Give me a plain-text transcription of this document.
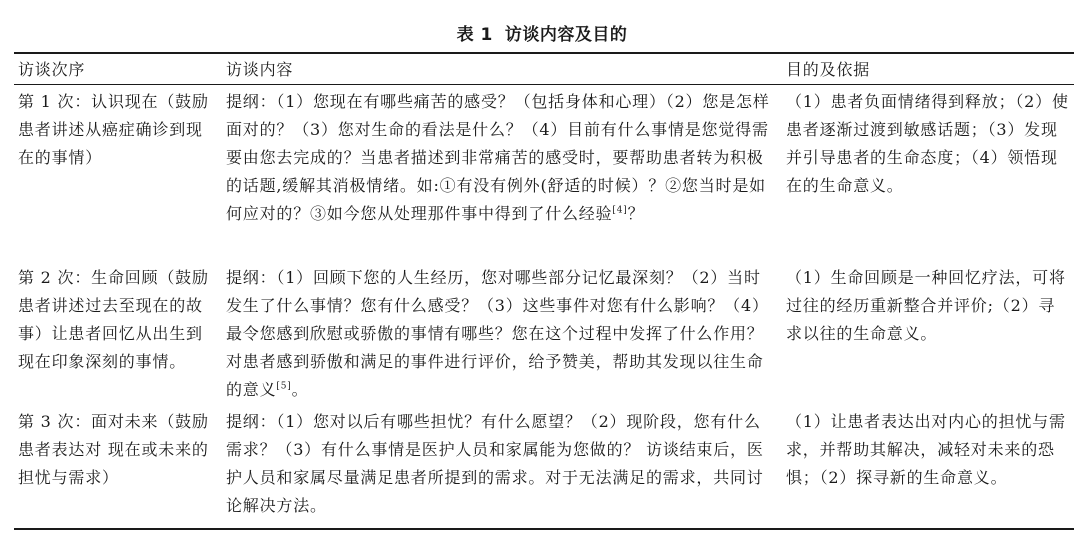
表 1 访谈内容及目的
访谈次序	访谈内容	目的及依据
第 1 次：认识现在（鼓励患者讲述从癌症确诊到现在的事情）
提纲：（1）您现在有哪些痛苦的感受？（包括身体和心理）（2）您是怎样面对的？（3）您对生命的看法是什么？（4）目前有什么事情是您觉得需要由您去完成的？当患者描述到非常痛苦的感受时，要帮助患者转为积极的话题,缓解其消极情绪。如:①有没有例外(舒适的时候）？②您当时是如何应对的？③如今您从处理那件事中得到了什么经验[4]？
（1）患者负面情绪得到释放；（2）使患者逐渐过渡到敏感话题；（3）发现并引导患者的生命态度；（4）领悟现在的生命意义。
第 2 次：生命回顾（鼓励患者讲述过去至现在的故事）让患者回忆从出生到现在印象深刻的事情。
提纲：（1）回顾下您的人生经历，您对哪些部分记忆最深刻？（2）当时发生了什么事情？您有什么感受？（3）这些事件对您有什么影响？（4）最令您感到欣慰或骄傲的事情有哪些？您在这个过程中发挥了什么作用？对患者感到骄傲和满足的事件进行评价，给予赞美，帮助其发现以往生命的意义[5]。
（1）生命回顾是一种回忆疗法，可将过往的经历重新整合并评价;（2）寻求以往的生命意义。
第 3 次：面对未来（鼓励患者表达对 现在或未来的担忧与需求）
提纲：（1）您对以后有哪些担忧？有什么愿望？（2）现阶段，您有什么需求？（3）有什么事情是医护人员和家属能为您做的？ 访谈结束后，医护人员和家属尽量满足患者所提到的需求。对于无法满足的需求，共同讨论解决方法。
（1）让患者表达出对内心的担忧与需求，并帮助其解决，减轻对未来的恐惧；（2）探寻新的生命意义。
